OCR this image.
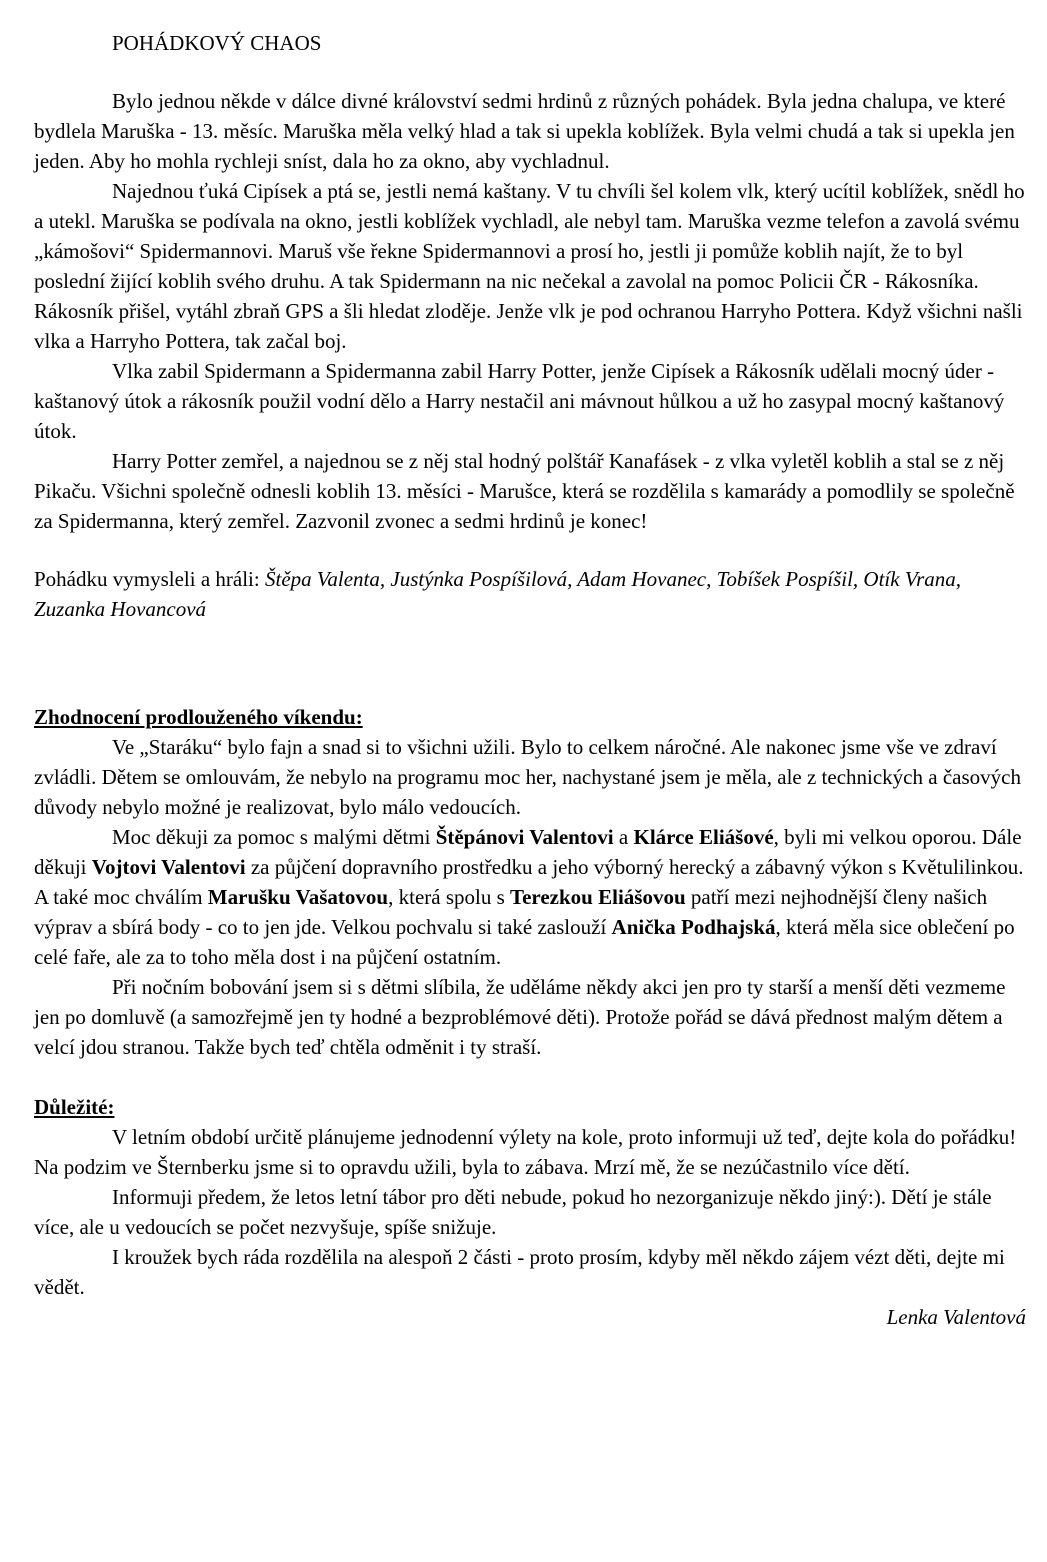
POHÁDKOVÝ CHAOS

Bylo jednou někde v dálce divné království sedmi hrdinů z různých pohádek. Byla jedna chalupa, ve které bydlela Maruška - 13. měsíc. Maruška měla velký hlad a tak si upekla koblížek. Byla velmi chudá a tak si upekla jen jeden. Aby ho mohla rychleji sníst, dala ho za okno, aby vychladnul.

Najednou ťuká Cipísek a ptá se, jestli nemá kaštany. V tu chvíli šel kolem vlk, který ucítil koblížek, snědl ho a utekl. Maruška se podívala na okno, jestli koblížek vychladl, ale nebyl tam. Maruška vezme telefon a zavolá svému „kámošovi“ Spidermannovi. Maruš vše řekne Spidermannovi a prosí ho, jestli ji pomůže koblih najít, že to byl poslední žijící koblih svého druhu. A tak Spidermann na nic nečekal a zavolal na pomoc Policii ČR - Rákosníka. Rákosník přišel, vytáhl zbraň GPS a šli hledat zloděje. Jenže vlk je pod ochranou Harryho Pottera. Když všichni našli vlka a Harryho Pottera, tak začal boj.

Vlka zabil Spidermann a Spidermanna zabil Harry Potter, jenže Cipísek a Rákosník udělali mocný úder - kaštanový útok a rákosník použil vodní dělo a Harry nestačil ani mávnout hůlkou a už ho zasypal mocný kaštanový útok.

Harry Potter zemřel, a najednou se z něj stal hodný polštář Kanafásek - z vlka vyletěl koblih a stal se z něj Pikaču. Všichni společně odnesli koblih 13. měsíci - Marušce, která se rozdělila s kamarády a pomodlily se společně za Spidermanna, který zemřel. Zazvonil zvonec a sedmi hrdinů je konec!

Pohádku vymysleli a hráli: Štěpa Valenta, Justýnka Pospíšilová, Adam Hovanec, Tobíšek Pospíšil, Otík Vrana, Zuzanka Hovancová

Zhodnocení prodlouženého víkendu:

Ve „Staráku“ bylo fajn a snad si to všichni užili. Bylo to celkem náročné. Ale nakonec jsme vše ve zdraví zvládli. Dětem se omlouvám, že nebylo na programu moc her, nachystané jsem je měla, ale z technických a časových důvody nebylo možné je realizovat, bylo málo vedoucích.

Moc děkuji za pomoc s malými dětmi Štěpánovi Valentovi a Klárce Eliášové, byli mi velkou oporou. Dále děkuji Vojtovi Valentovi za půjčení dopravního prostředku a jeho výborný herecký a zábavný výkon s Květulilinkou. A také moc chválím Marušku Vašatovou, která spolu s Terezkou Eliášovou patří mezi nejhodnější členy našich výprav a sbírá body - co to jen jde. Velkou pochvalu si také zaslouží Anička Podhajská, která měla sice oblečení po celé faře, ale za to toho měla dost i na půjčení ostatním.

Při nočním bobování jsem si s dětmi slíbila, že uděláme někdy akci jen pro ty starší a menší děti vezmeme jen po domluvě (a samozřejmě jen ty hodné a bezproblémové děti). Protože pořád se dává přednost malým dětem a velcí jdou stranou. Takže bych teď chtěla odměnit i ty straší.

Důležité:

V letním období určitě plánujeme jednodenní výlety na kole, proto informuji už teď, dejte kola do pořádku! Na podzim ve Šternberku jsme si to opravdu užili, byla to zábava. Mrzí mě, že se nezúčastnilo více dětí.

Informuji předem, že letos letní tábor pro děti nebude, pokud ho nezorganizuje někdo jiný:). Dětí je stále více, ale u vedoucích se počet nezvyšuje, spíše snižuje.

I kroužek bych ráda rozdělila na alespoň 2 části - proto prosím, kdyby měl někdo zájem vézt děti, dejte mi vědět.

Lenka Valentová
